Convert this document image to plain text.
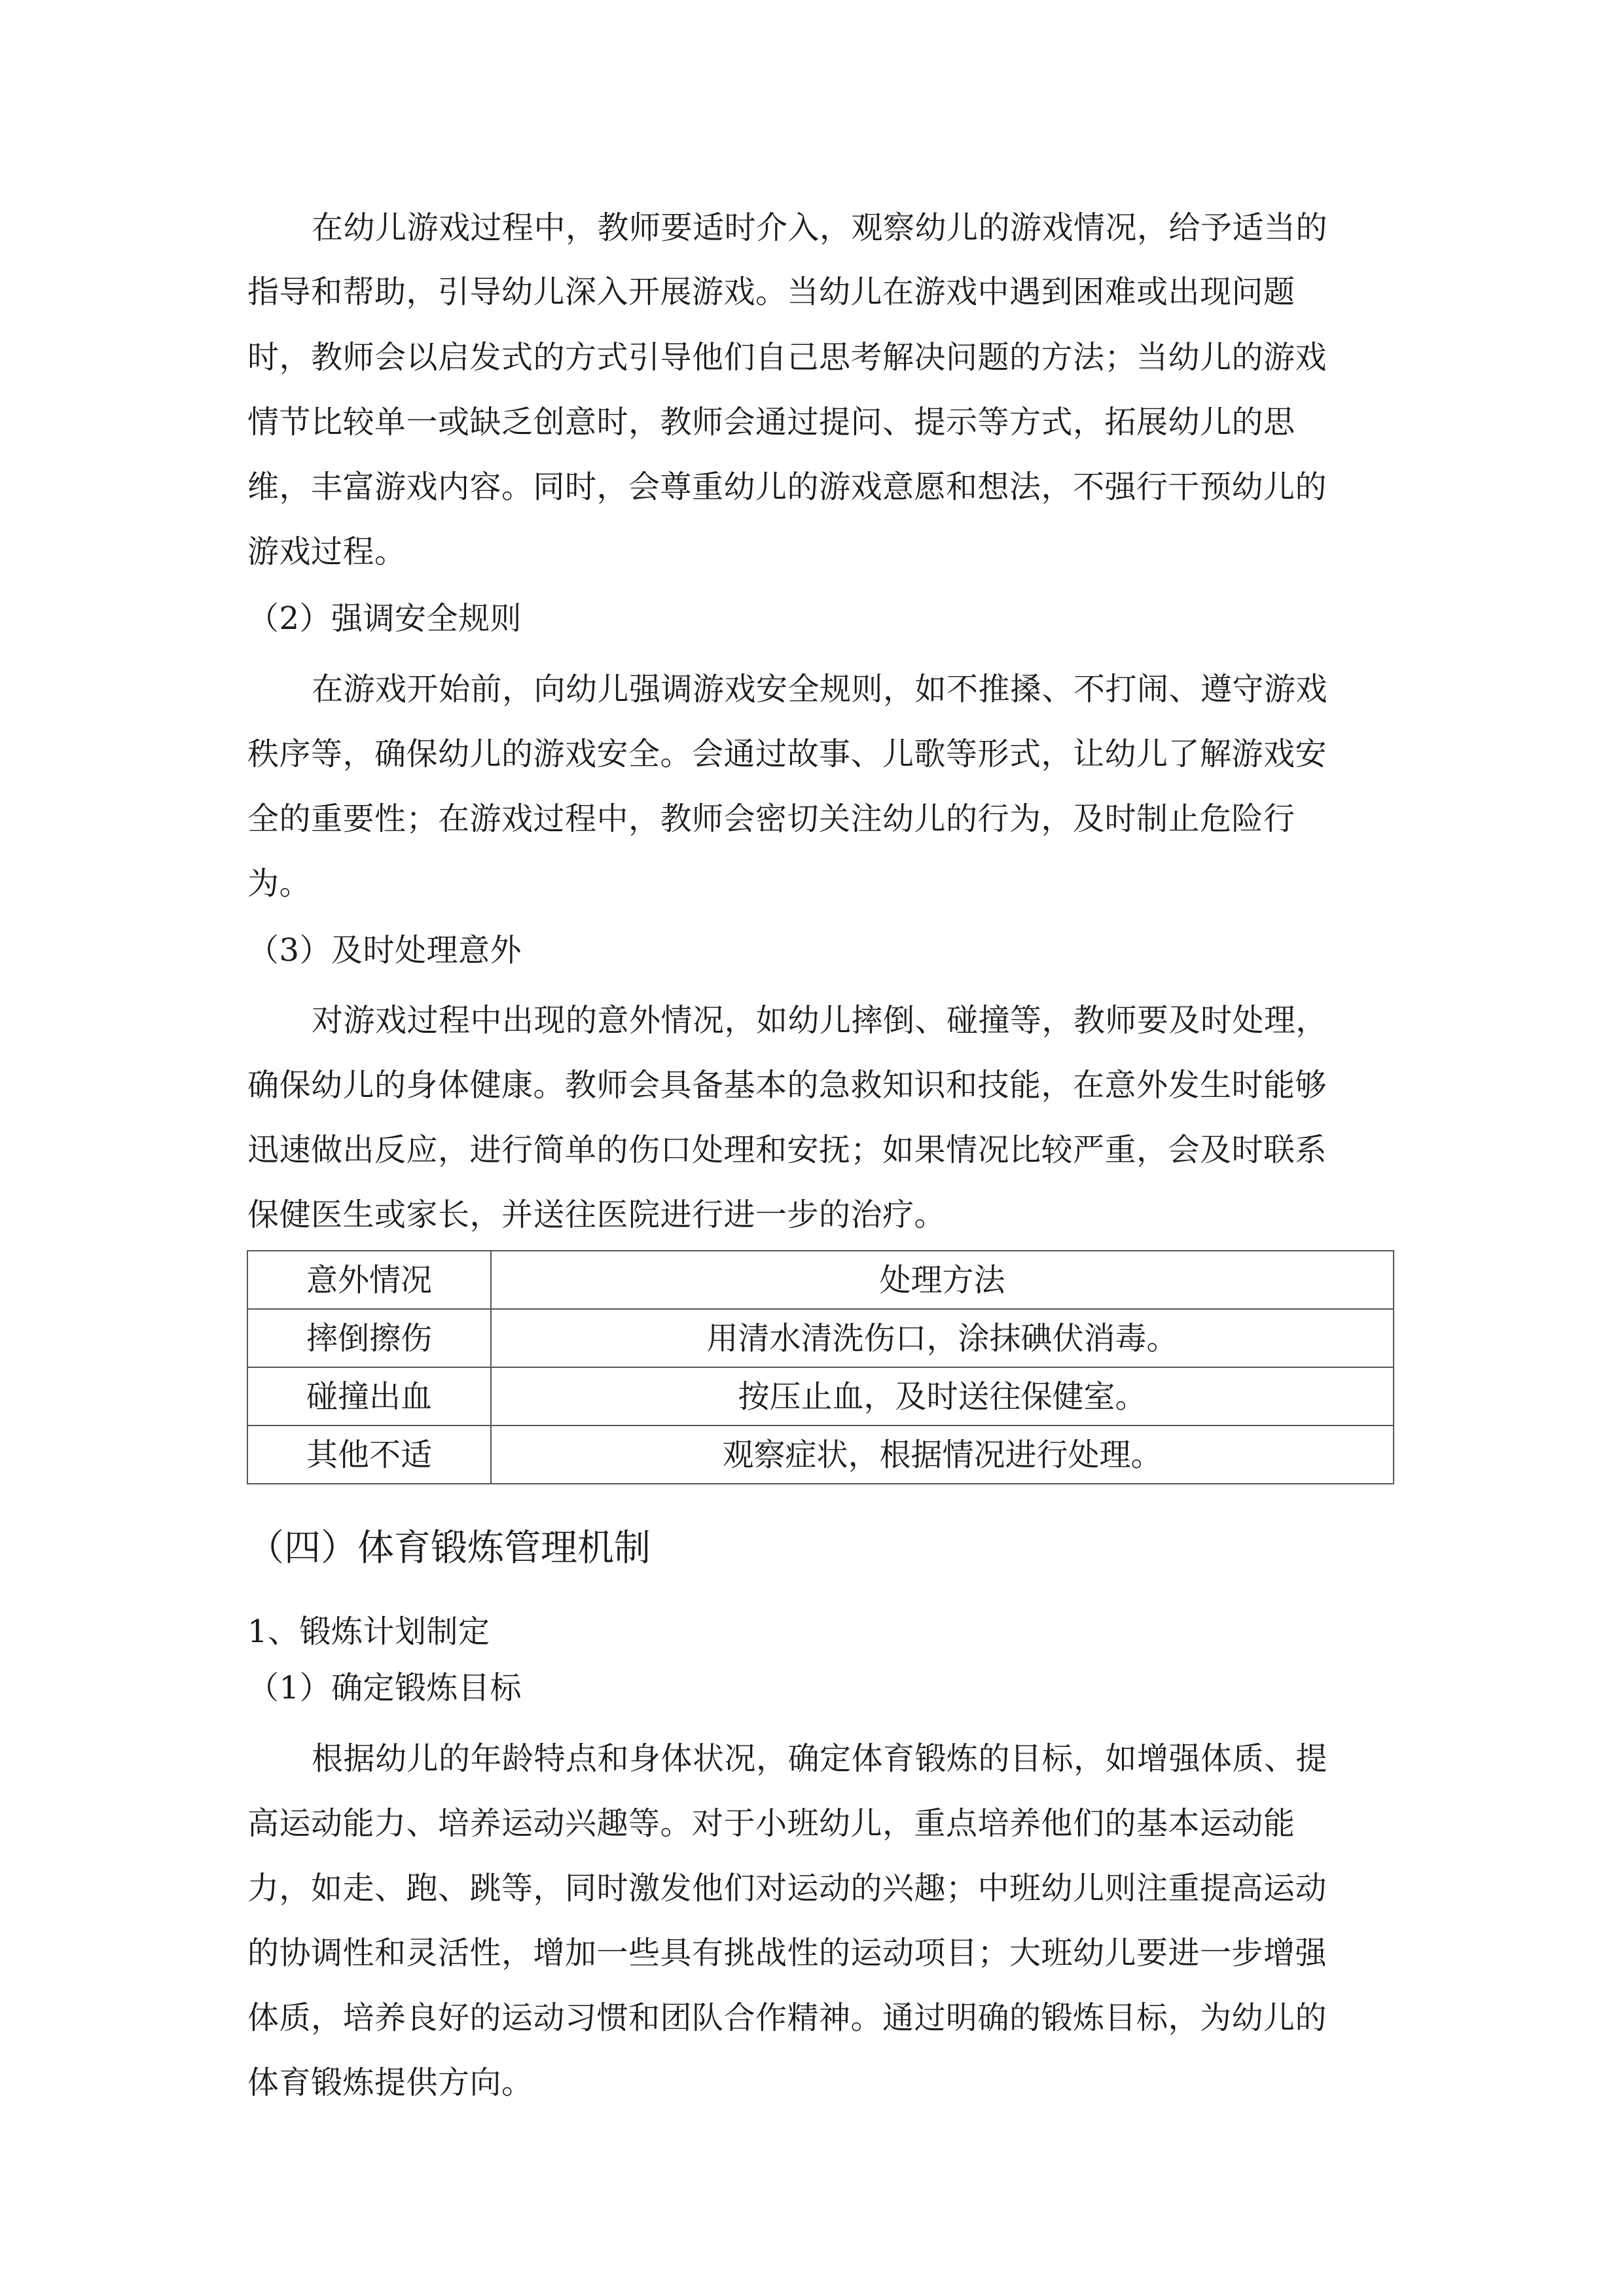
在幼儿游戏过程中，教师要适时介入，观察幼儿的游戏情况，给予适当的
指导和帮助，引导幼儿深入开展游戏。当幼儿在游戏中遇到困难或出现问题
时，教师会以启发式的方式引导他们自己思考解决问题的方法；当幼儿的游戏
情节比较单一或缺乏创意时，教师会通过提问、提示等方式，拓展幼儿的思
维，丰富游戏内容。同时，会尊重幼儿的游戏意愿和想法，不强行干预幼儿的
游戏过程。
（2）强调安全规则
在游戏开始前，向幼儿强调游戏安全规则，如不推搡、不打闹、遵守游戏
秩序等，确保幼儿的游戏安全。会通过故事、儿歌等形式，让幼儿了解游戏安
全的重要性；在游戏过程中，教师会密切关注幼儿的行为，及时制止危险行
为。
（3）及时处理意外
对游戏过程中出现的意外情况，如幼儿摔倒、碰撞等，教师要及时处理，
确保幼儿的身体健康。教师会具备基本的急救知识和技能，在意外发生时能够
迅速做出反应，进行简单的伤口处理和安抚；如果情况比较严重，会及时联系
保健医生或家长，并送往医院进行进一步的治疗。
意外情况	处理方法
摔倒擦伤	用清水清洗伤口，涂抹碘伏消毒。
碰撞出血	按压止血，及时送往保健室。
其他不适	观察症状，根据情况进行处理。
（四）体育锻炼管理机制
1、锻炼计划制定
（1）确定锻炼目标
根据幼儿的年龄特点和身体状况，确定体育锻炼的目标，如增强体质、提
高运动能力、培养运动兴趣等。对于小班幼儿，重点培养他们的基本运动能
力，如走、跑、跳等，同时激发他们对运动的兴趣；中班幼儿则注重提高运动
的协调性和灵活性，增加一些具有挑战性的运动项目；大班幼儿要进一步增强
体质，培养良好的运动习惯和团队合作精神。通过明确的锻炼目标，为幼儿的
体育锻炼提供方向。
